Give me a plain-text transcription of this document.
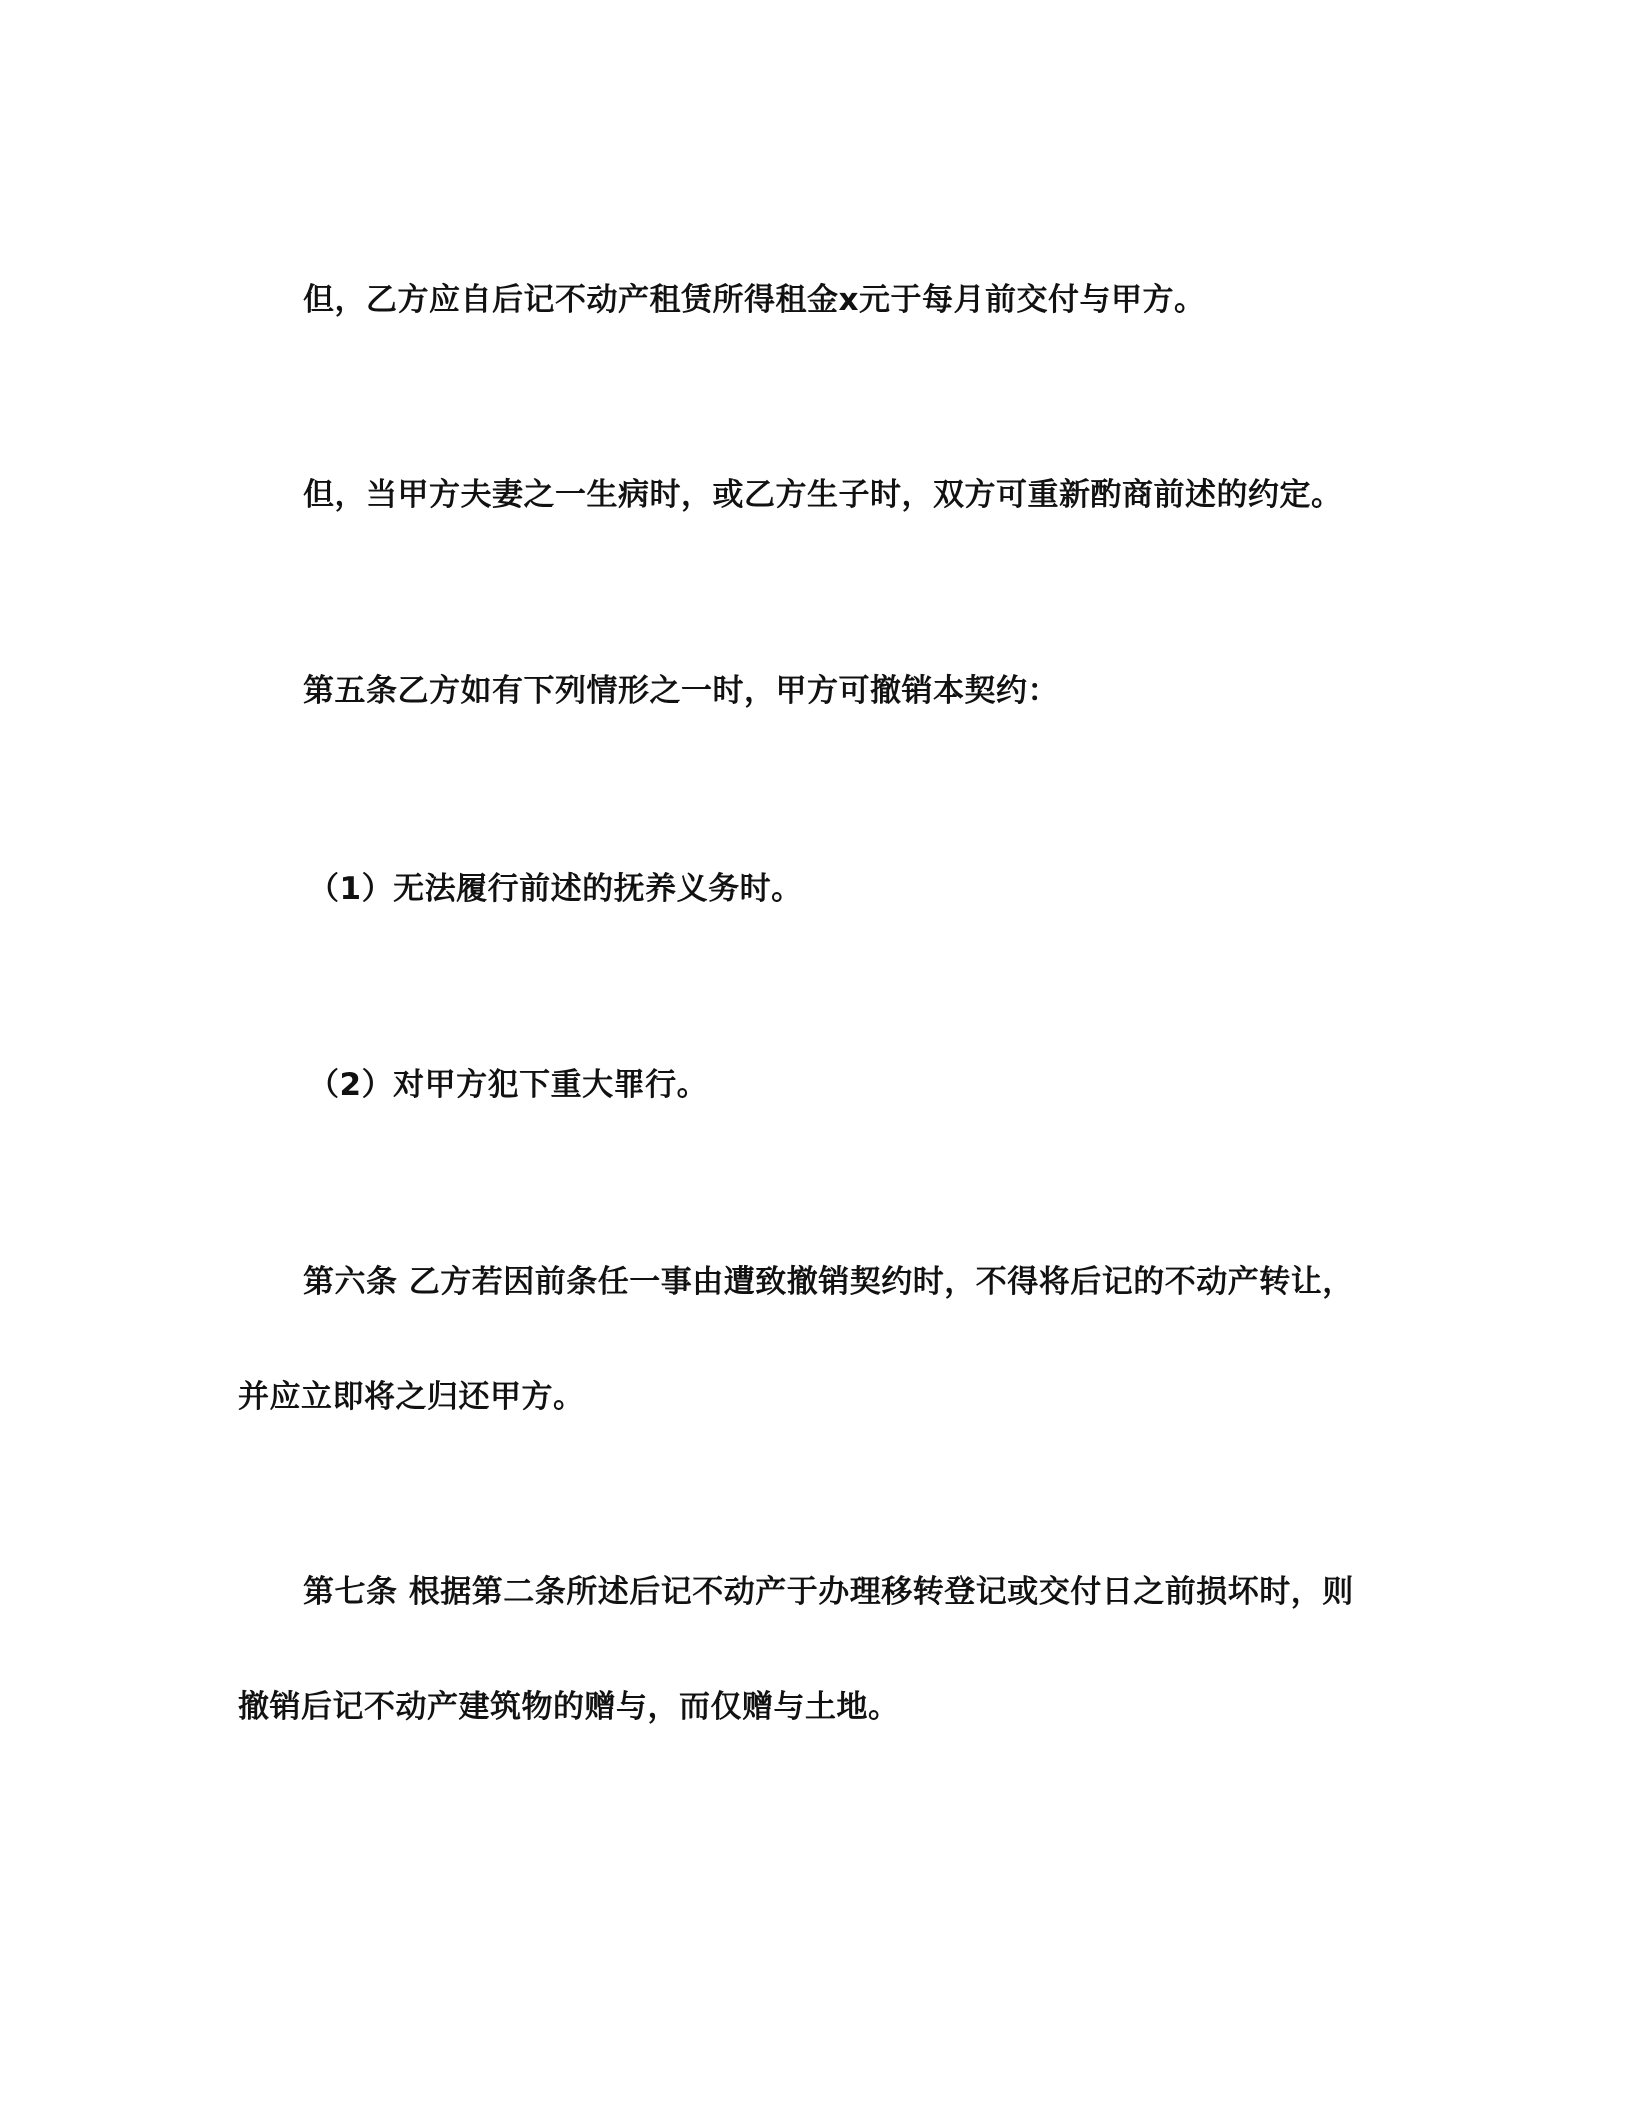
但，乙方应自后记不动产租赁所得租金x元于每月前交付与甲方。
但，当甲方夫妻之一生病时，或乙方生子时，双方可重新酌商前述的约定。
第五条乙方如有下列情形之一时，甲方可撤销本契约：
（1）无法履行前述的抚养义务时。
（2）对甲方犯下重大罪行。
第六条 乙方若因前条任一事由遭致撤销契约时，不得将后记的不动产转让，
并应立即将之归还甲方。
第七条 根据第二条所述后记不动产于办理移转登记或交付日之前损坏时，则
撤销后记不动产建筑物的赠与，而仅赠与土地。
